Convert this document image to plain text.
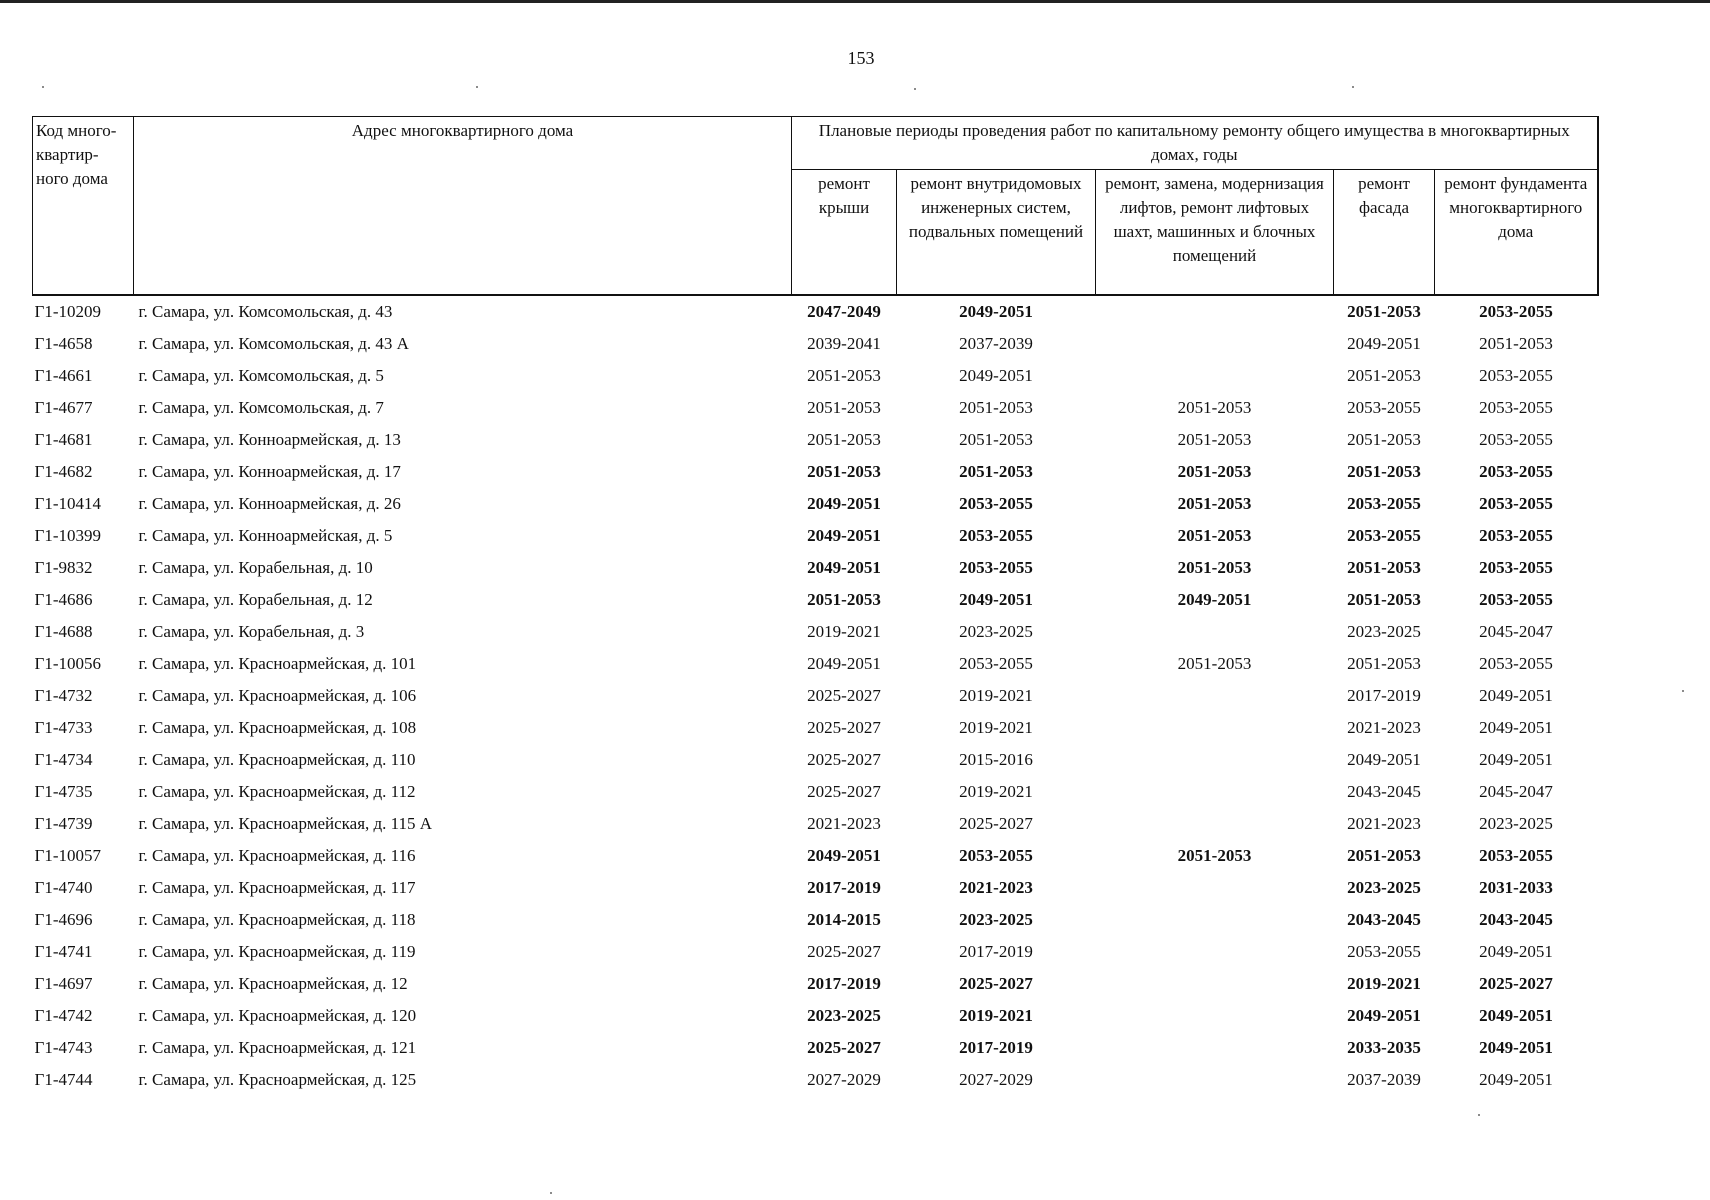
153
Код много-квартир-ного дома	Адрес многоквартирного дома	Плановые периоды проведения работ по капитальному ремонту общего имущества в многоквартирных домах, годы				
		ремонт крыши	ремонт внутридомовых инженерных систем, подвальных помещений	ремонт, замена, модернизация лифтов, ремонт лифтовых шахт, машинных и блочных помещений	ремонт фасада	ремонт фундамента многоквартирного дома
Г1-10209	г. Самара, ул. Комсомольская, д. 43	2047-2049	2049-2051		2051-2053	2053-2055
Г1-4658	г. Самара, ул. Комсомольская, д. 43 А	2039-2041	2037-2039		2049-2051	2051-2053
Г1-4661	г. Самара, ул. Комсомольская, д. 5	2051-2053	2049-2051		2051-2053	2053-2055
Г1-4677	г. Самара, ул. Комсомольская, д. 7	2051-2053	2051-2053	2051-2053	2053-2055	2053-2055
Г1-4681	г. Самара, ул. Конноармейская, д. 13	2051-2053	2051-2053	2051-2053	2051-2053	2053-2055
Г1-4682	г. Самара, ул. Конноармейская, д. 17	2051-2053	2051-2053	2051-2053	2051-2053	2053-2055
Г1-10414	г. Самара, ул. Конноармейская, д. 26	2049-2051	2053-2055	2051-2053	2053-2055	2053-2055
Г1-10399	г. Самара, ул. Конноармейская, д. 5	2049-2051	2053-2055	2051-2053	2053-2055	2053-2055
Г1-9832	г. Самара, ул. Корабельная, д. 10	2049-2051	2053-2055	2051-2053	2051-2053	2053-2055
Г1-4686	г. Самара, ул. Корабельная, д. 12	2051-2053	2049-2051	2049-2051	2051-2053	2053-2055
Г1-4688	г. Самара, ул. Корабельная, д. 3	2019-2021	2023-2025		2023-2025	2045-2047
Г1-10056	г. Самара, ул. Красноармейская, д. 101	2049-2051	2053-2055	2051-2053	2051-2053	2053-2055
Г1-4732	г. Самара, ул. Красноармейская, д. 106	2025-2027	2019-2021		2017-2019	2049-2051
Г1-4733	г. Самара, ул. Красноармейская, д. 108	2025-2027	2019-2021		2021-2023	2049-2051
Г1-4734	г. Самара, ул. Красноармейская, д. 110	2025-2027	2015-2016		2049-2051	2049-2051
Г1-4735	г. Самара, ул. Красноармейская, д. 112	2025-2027	2019-2021		2043-2045	2045-2047
Г1-4739	г. Самара, ул. Красноармейская, д. 115 А	2021-2023	2025-2027		2021-2023	2023-2025
Г1-10057	г. Самара, ул. Красноармейская, д. 116	2049-2051	2053-2055	2051-2053	2051-2053	2053-2055
Г1-4740	г. Самара, ул. Красноармейская, д. 117	2017-2019	2021-2023		2023-2025	2031-2033
Г1-4696	г. Самара, ул. Красноармейская, д. 118	2014-2015	2023-2025		2043-2045	2043-2045
Г1-4741	г. Самара, ул. Красноармейская, д. 119	2025-2027	2017-2019		2053-2055	2049-2051
Г1-4697	г. Самара, ул. Красноармейская, д. 12	2017-2019	2025-2027		2019-2021	2025-2027
Г1-4742	г. Самара, ул. Красноармейская, д. 120	2023-2025	2019-2021		2049-2051	2049-2051
Г1-4743	г. Самара, ул. Красноармейская, д. 121	2025-2027	2017-2019		2033-2035	2049-2051
Г1-4744	г. Самара, ул. Красноармейская, д. 125	2027-2029	2027-2029		2037-2039	2049-2051
